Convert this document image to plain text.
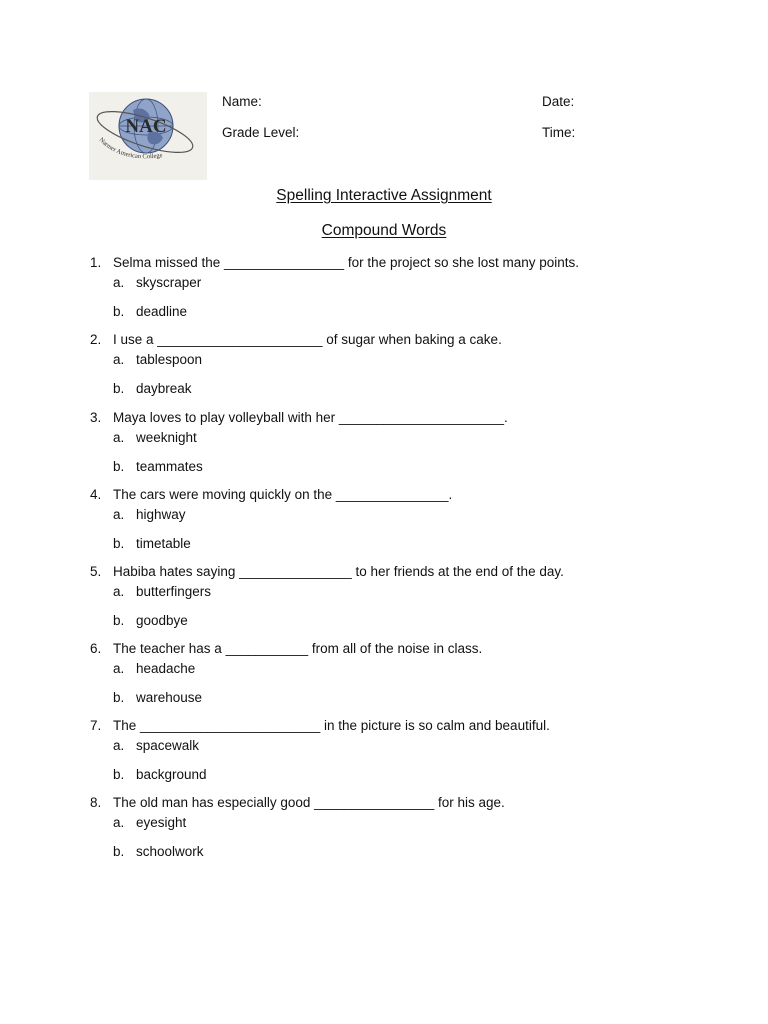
NAC
Narmer American College
Name:	Date:
Grade Level:	Time:
Spelling Interactive Assignment
Compound Words
1. Selma missed the ________________ for the project so she lost many points.
a. skyscraper
b. deadline
2. I use a ______________________ of sugar when baking a cake.
a. tablespoon
b. daybreak
3. Maya loves to play volleyball with her ______________________.
a. weeknight
b. teammates
4. The cars were moving quickly on the _______________.
a. highway
b. timetable
5. Habiba hates saying _______________ to her friends at the end of the day.
a. butterfingers
b. goodbye
6. The teacher has a ___________ from all of the noise in class.
a. headache
b. warehouse
7. The ________________________ in the picture is so calm and beautiful.
a. spacewalk
b. background
8. The old man has especially good ________________ for his age.
a. eyesight
b. schoolwork
